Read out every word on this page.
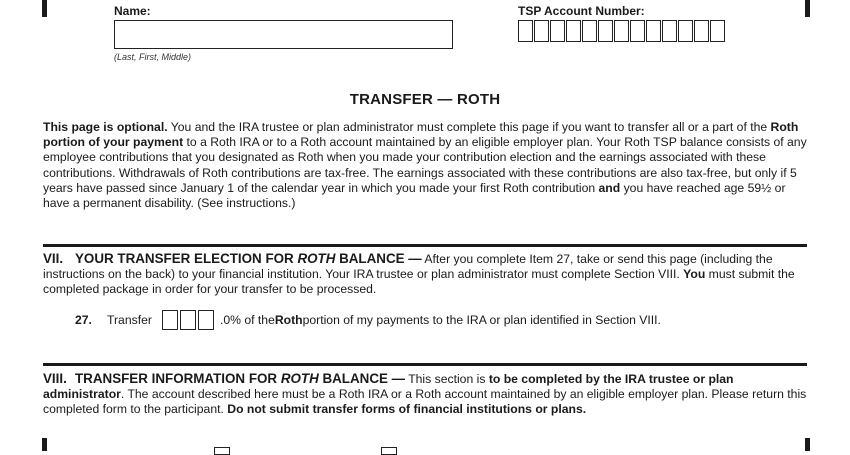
Name:
(Last, First, Middle)
TSP Account Number:
TRANSFER — ROTH
This page is optional. You and the IRA trustee or plan administrator must complete this page if you want to transfer all or a part of the Roth portion of your payment to a Roth IRA or to a Roth account maintained by an eligible employer plan. Your Roth TSP balance consists of any employee contributions that you designated as Roth when you made your contribution election and the earnings associated with these contributions. Withdrawals of Roth contributions are tax-free. The earnings associated with these contributions are also tax-free, but only if 5 years have passed since January 1 of the calendar year in which you made your first Roth contribution and you have reached age 59½ or have a permanent disability. (See instructions.)
VII. YOUR TRANSFER ELECTION FOR ROTH BALANCE — After you complete Item 27, take or send this page (including the instructions on the back) to your financial institution. Your IRA trustee or plan administrator must complete Section VIII. You must submit the completed package in order for your transfer to be processed.
27.	Transfer	.0% of the Roth portion of my payments to the IRA or plan identified in Section VIII.
VIII. TRANSFER INFORMATION FOR ROTH BALANCE — This section is to be completed by the IRA trustee or plan administrator. The account described here must be a Roth IRA or a Roth account maintained by an eligible employer plan. Please return this completed form to the participant. Do not submit transfer forms of financial institutions or plans.
